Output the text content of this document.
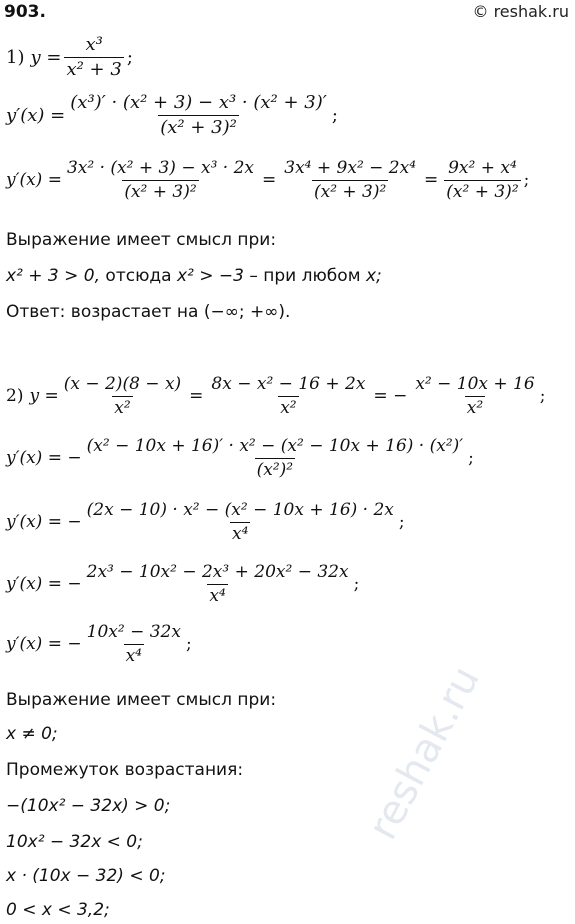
903.	© reshak.ru
1) $y = \frac{\text{x³}}{\text{x² + 3}}$ ;
$y'(x) = \frac{\text{(x³)′ · (x² + 3) − x³ · (x² + 3)′}}{\text{(x² + 3)²}}$ ;
$y'(x) = \frac{\text{3x² · (x² + 3) − x³ · 2x}}{\text{(x² + 3)²}} = \frac{\text{3x⁴ + 9x² − 2x⁴}}{\text{(x² + 3)²}} = \frac{\text{9x² + x⁴}}{\text{(x² + 3)²}}$ ;
Выражение имеет смысл при:
x² + 3 > 0, отсюда x² > −3 – при любом x;
Ответ: возрастает на (−∞; +∞).
2) $y = \frac{(x - 2)(8 - x)}{\text{x²}} = \frac{\text{8x − x² − 16 + 2x}}{\text{x²}}$ = − $\frac{\text{x² − 10x + 16}}{\text{x²}}$ ;
y′(x) = − $\frac{\text{(x² − 10x + 16)′ · x² − (x² − 10x + 16) · (x²)′}}{\text{(x²)²}}$ ;
y′(x) = − $\frac{\text{(2x − 10) · x² − (x² − 10x + 16) · 2x}}{\text{x⁴}}$ ;
y′(x) = − $\frac{\text{2x³ − 10x² − 2x³ + 20x² − 32x}}{\text{x⁴}}$ ;
y′(x) = − $\frac{\text{10x² − 32x}}{\text{x⁴}}$ ;
Выражение имеет смысл при:
x ≠ 0;
Промежуток возрастания:
−(10x² − 32x) > 0;
10x² − 32x < 0;
x · (10x − 32) < 0;
0 < x < 3,2;
reshak.ru
